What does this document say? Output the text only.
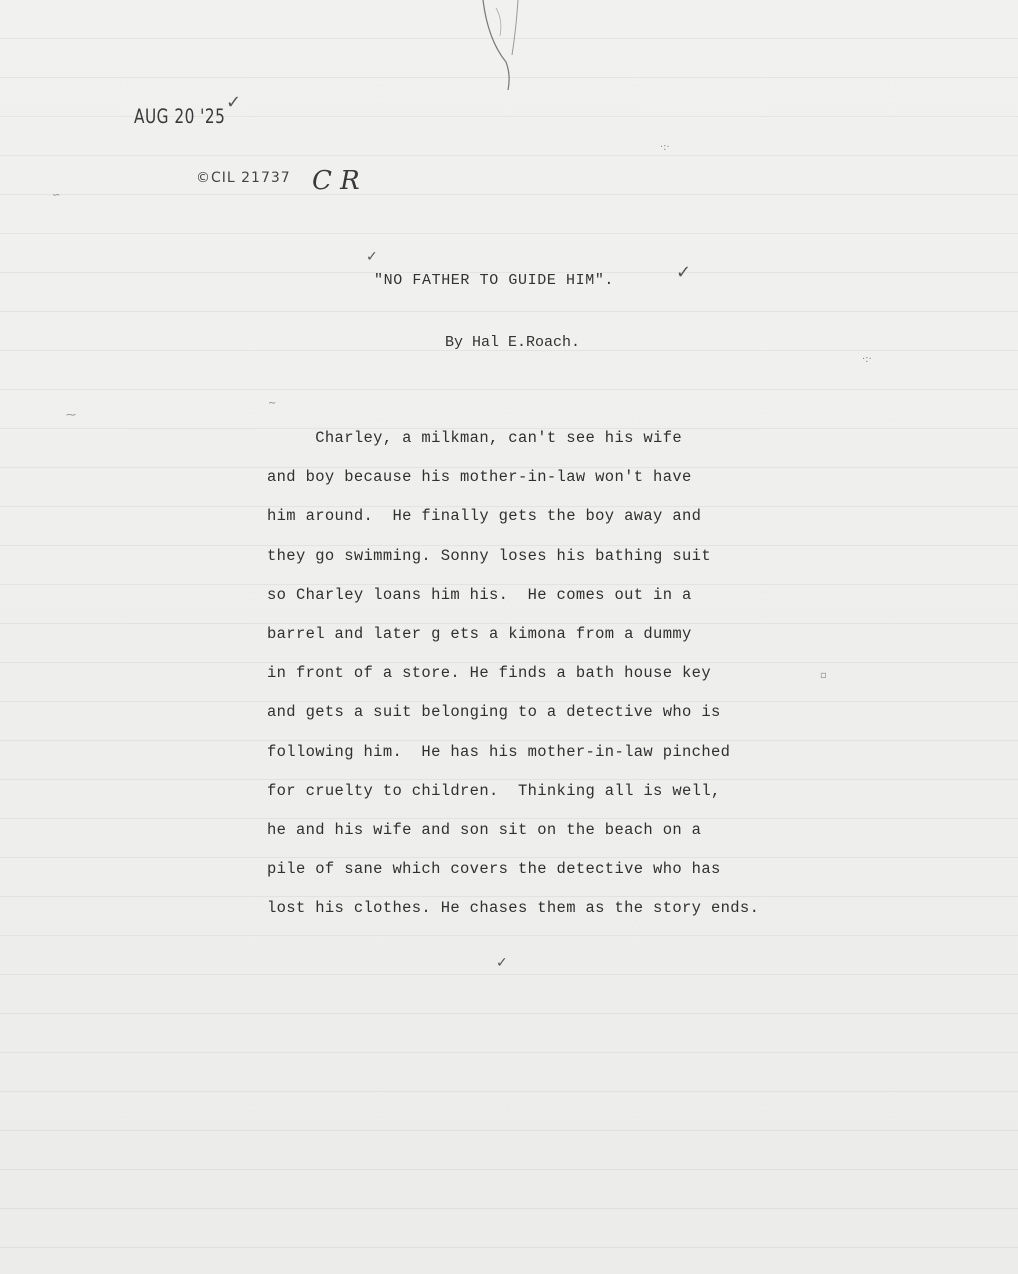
AUG 20 '25
✓
©CIL 21737 C R
✓
"NO FATHER TO GUIDE HIM".	✓
By Hal E.Roach.
Charley, a milkman, can't see his wife
and boy because his mother-in-law won't have
him around.  He finally gets the boy away and
they go swimming. Sonny loses his bathing suit
so Charley loans him his.  He comes out in a
barrel and later g ets a kimona from a dummy
in front of a store. He finds a bath house key
and gets a suit belonging to a detective who is
following him.  He has his mother-in-law pinched
for cruelty to children.  Thinking all is well,
he and his wife and son sit on the beach on a
pile of sane which covers the detective who has
lost his clothes. He chases them as the story ends.
✓
∽
⁓
∼
·:·
·:·
▫
